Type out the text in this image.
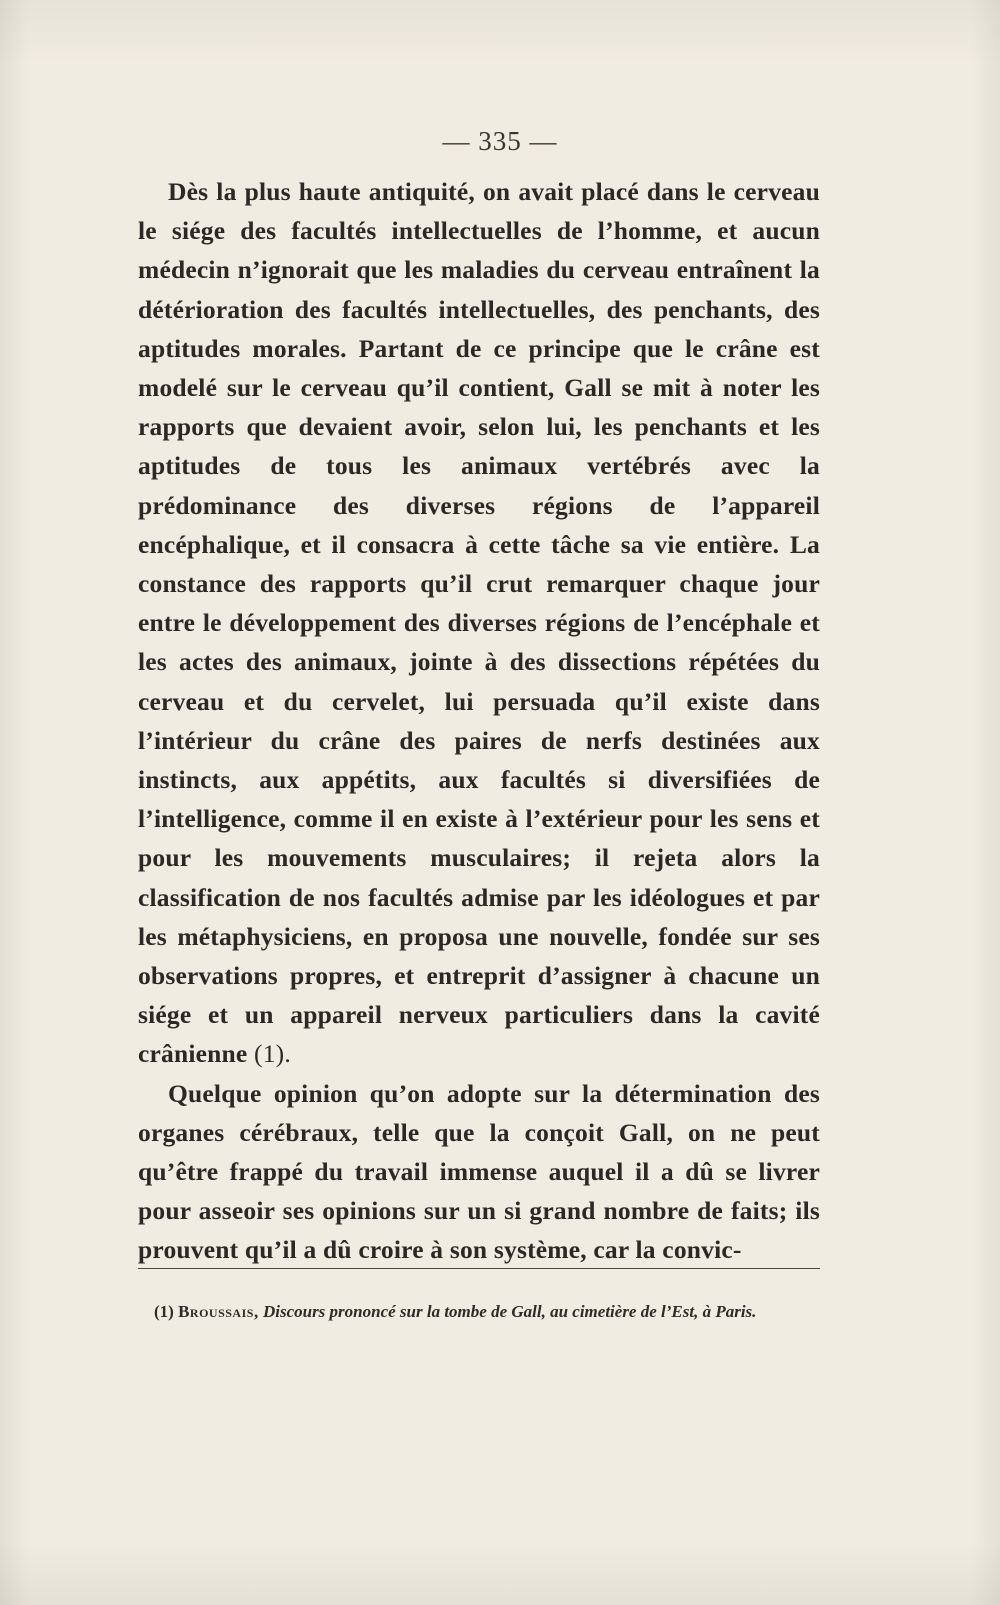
— 335 —

Dès la plus haute antiquité, on avait placé dans le cerveau le siége des facultés intellectuelles de l’homme, et aucun médecin n’ignorait que les maladies du cerveau entraînent la détérioration des facultés intellectuelles, des penchants, des aptitudes morales. Partant de ce principe que le crâne est modelé sur le cerveau qu’il contient, Gall se mit à noter les rapports que devaient avoir, selon lui, les penchants et les aptitudes de tous les animaux vertébrés avec la prédominance des diverses régions de l’appareil encéphalique, et il consacra à cette tâche sa vie entière. La constance des rapports qu’il crut remarquer chaque jour entre le développement des diverses régions de l’encéphale et les actes des animaux, jointe à des dissections répétées du cerveau et du cervelet, lui persuada qu’il existe dans l’intérieur du crâne des paires de nerfs destinées aux instincts, aux appétits, aux facultés si diversifiées de l’intelligence, comme il en existe à l’extérieur pour les sens et pour les mouvements musculaires; il rejeta alors la classification de nos facultés admise par les idéologues et par les métaphysiciens, en proposa une nouvelle, fondée sur ses observations propres, et entreprit d’assigner à chacune un siége et un appareil nerveux particuliers dans la cavité crânienne (1).

Quelque opinion qu’on adopte sur la détermination des organes cérébraux, telle que la conçoit Gall, on ne peut qu’être frappé du travail immense auquel il a dû se livrer pour asseoir ses opinions sur un si grand nombre de faits; ils prouvent qu’il a dû croire à son système, car la convic-

(1) Broussais, Discours prononcé sur la tombe de Gall, au cimetière de l’Est, à Paris.
